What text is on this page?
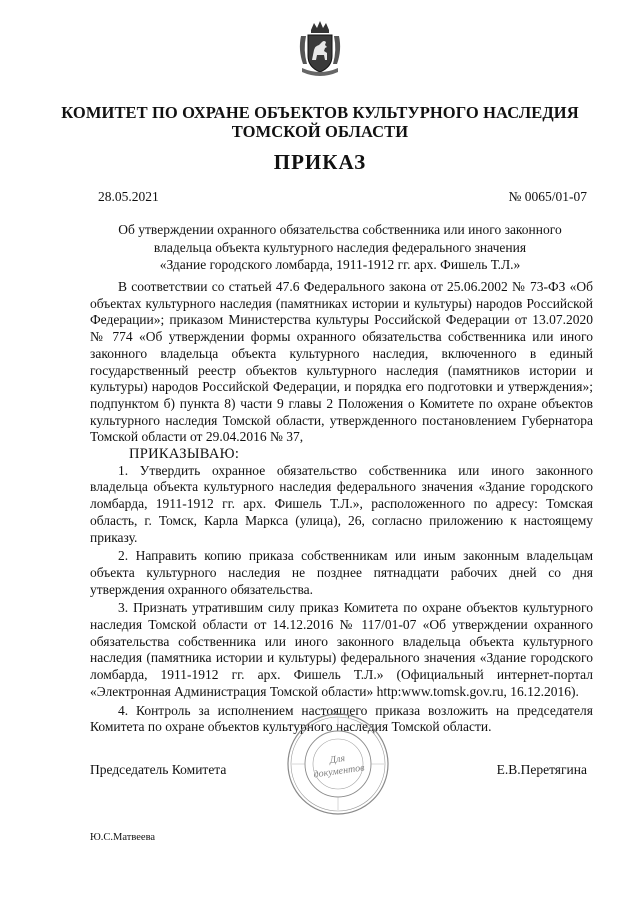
КОМИТЕТ ПО ОХРАНЕ ОБЪЕКТОВ КУЛЬТУРНОГО НАСЛЕДИЯ
ТОМСКОЙ ОБЛАСТИ
ПРИКАЗ
28.05.2021	№ 0065/01-07
Об утверждении охранного обязательства собственника или иного законного
владельца объекта культурного наследия федерального значения
«Здание городского ломбарда, 1911-1912 гг. арх. Фишель Т.Л.»

В соответствии со статьей 47.6 Федерального закона от 25.06.2002 № 73-ФЗ «Об объектах культурного наследия (памятниках истории и культуры) народов Российской Федерации»; приказом Министерства культуры Российской Федерации от 13.07.2020 № 774 «Об утверждении формы охранного обязательства собственника или иного законного владельца объекта культурного наследия, включенного в единый государственный реестр объектов культурного наследия (памятников истории и культуры) народов Российской Федерации, и порядка его подготовки и утверждения»; подпунктом б) пункта 8) части 9 главы 2 Положения о Комитете по охране объектов культурного наследия Томской области, утвержденного постановлением Губернатора Томской области от 29.04.2016 № 37,

ПРИКАЗЫВАЮ:

1. Утвердить охранное обязательство собственника или иного законного владельца объекта культурного наследия федерального значения «Здание городского ломбарда, 1911-1912 гг. арх. Фишель Т.Л.», расположенного по адресу: Томская область, г. Томск, Карла Маркса (улица), 26, согласно приложению к настоящему приказу.

2. Направить копию приказа собственникам или иным законным владельцам объекта культурного наследия не позднее пятнадцати рабочих дней со дня утверждения охранного обязательства.

3. Признать утратившим силу приказ Комитета по охране объектов культурного наследия Томской области от 14.12.2016 № 117/01-07 «Об утверждении охранного обязательства собственника или иного законного владельца объекта культурного наследия (памятника истории и культуры) федерального значения «Здание городского ломбарда, 1911-1912 гг. арх. Фишель Т.Л.» (Официальный интернет-портал «Электронная Администрация Томской области» http:www.tomsk.gov.ru, 16.12.2016).

4. Контроль за исполнением настоящего приказа возложить на председателя Комитета по охране объектов культурного наследия Томской области.

Председатель Комитета	Е.В.Перетягина
Для
документов
Ю.С.Матвеева
